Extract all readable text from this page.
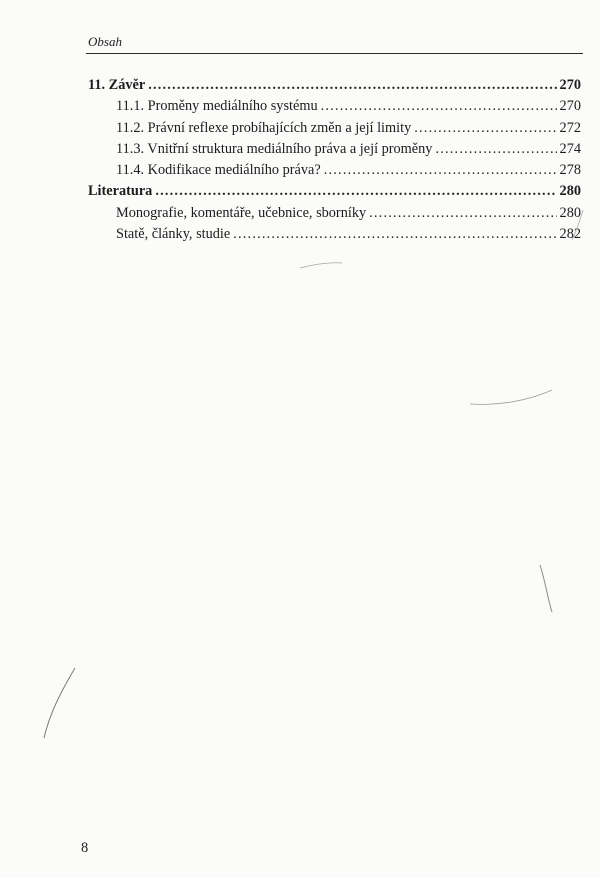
Obsah
11. Závěr .....	270
11.1. Proměny mediálního systému .....	270
11.2. Právní reflexe probíhajících změn a její limity .....	272
11.3. Vnitřní struktura mediálního práva a její proměny .....	274
11.4. Kodifikace mediálního práva? .....	278
Literatura .....	280
Monografie, komentáře, učebnice, sborníky .....	280
Statě, články, studie .....	282
8
